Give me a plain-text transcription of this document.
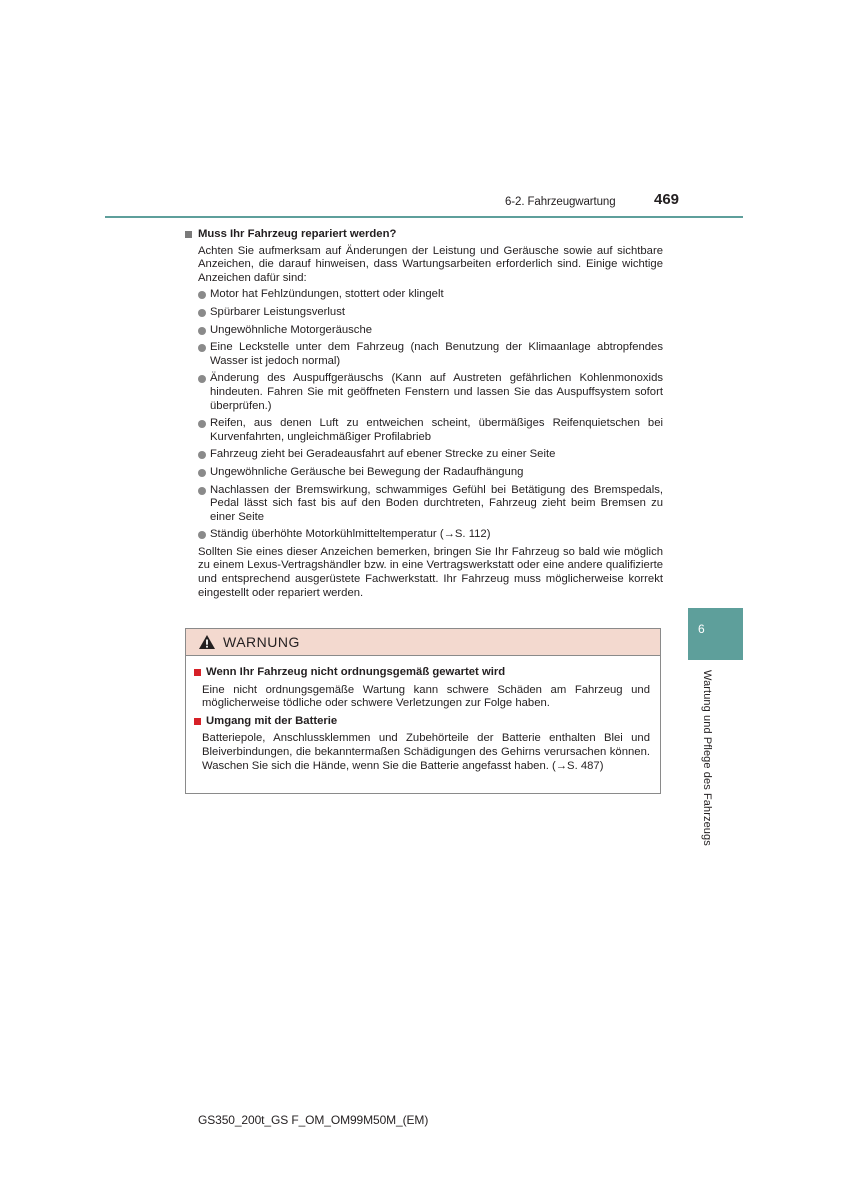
6-2. Fahrzeugwartung	469
Muss Ihr Fahrzeug repariert werden?
Achten Sie aufmerksam auf Änderungen der Leistung und Geräusche sowie auf sichtbare Anzeichen, die darauf hinweisen, dass Wartungsarbeiten erforderlich sind. Einige wichtige Anzeichen dafür sind:
Motor hat Fehlzündungen, stottert oder klingelt
Spürbarer Leistungsverlust
Ungewöhnliche Motorgeräusche
Eine Leckstelle unter dem Fahrzeug (nach Benutzung der Klimaanlage abtropfendes Wasser ist jedoch normal)
Änderung des Auspuffgeräuschs (Kann auf Austreten gefährlichen Kohlenmonoxids hindeuten. Fahren Sie mit geöffneten Fenstern und lassen Sie das Auspuffsystem sofort überprüfen.)
Reifen, aus denen Luft zu entweichen scheint, übermäßiges Reifenquietschen bei Kurvenfahrten, ungleichmäßiger Profilabrieb
Fahrzeug zieht bei Geradeausfahrt auf ebener Strecke zu einer Seite
Ungewöhnliche Geräusche bei Bewegung der Radaufhängung
Nachlassen der Bremswirkung, schwammiges Gefühl bei Betätigung des Bremspedals, Pedal lässt sich fast bis auf den Boden durchtreten, Fahrzeug zieht beim Bremsen zu einer Seite
Ständig überhöhte Motorkühlmitteltemperatur (→S. 112)
Sollten Sie eines dieser Anzeichen bemerken, bringen Sie Ihr Fahrzeug so bald wie möglich zu einem Lexus-Vertragshändler bzw. in eine Vertragswerkstatt oder eine andere qualifizierte und entsprechend ausgerüstete Fachwerkstatt. Ihr Fahrzeug muss möglicherweise korrekt eingestellt oder repariert werden.
WARNUNG
Wenn Ihr Fahrzeug nicht ordnungsgemäß gewartet wird
Eine nicht ordnungsgemäße Wartung kann schwere Schäden am Fahrzeug und möglicherweise tödliche oder schwere Verletzungen zur Folge haben.
Umgang mit der Batterie
Batteriepole, Anschlussklemmen und Zubehörteile der Batterie enthalten Blei und Bleiverbindungen, die bekanntermaßen Schädigungen des Gehirns verursachen können. Waschen Sie sich die Hände, wenn Sie die Batterie angefasst haben. (→S. 487)
6
Wartung und Pflege des Fahrzeugs
GS350_200t_GS F_OM_OM99M50M_(EM)
